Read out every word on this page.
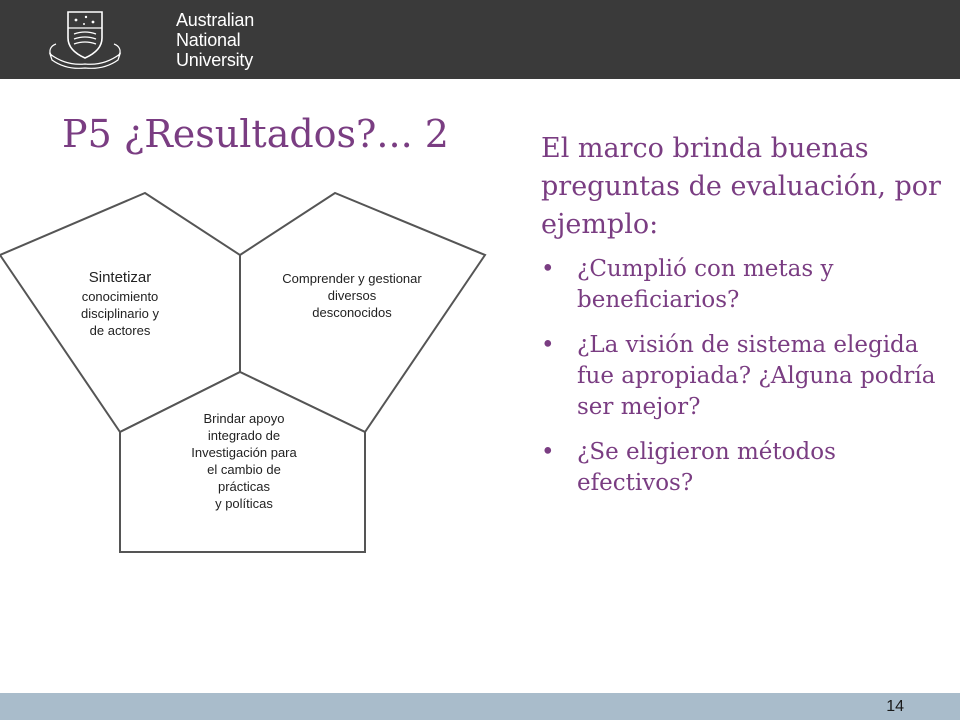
Australian
National
University
P5 ¿Resultados?... 2
Sintetizar
conocimiento
disciplinario y
de actores
Comprender y gestionar
diversos
desconocidos
Brindar apoyo
integrado de
Investigación para
el cambio de
prácticas
y políticas

El marco brinda buenas preguntas de evaluación, por ejemplo:

• ¿Cumplió con metas y beneficiarios?
• ¿La visión de sistema elegida fue apropiada? ¿Alguna podría ser mejor?
• ¿Se eligieron métodos efectivos?
14
